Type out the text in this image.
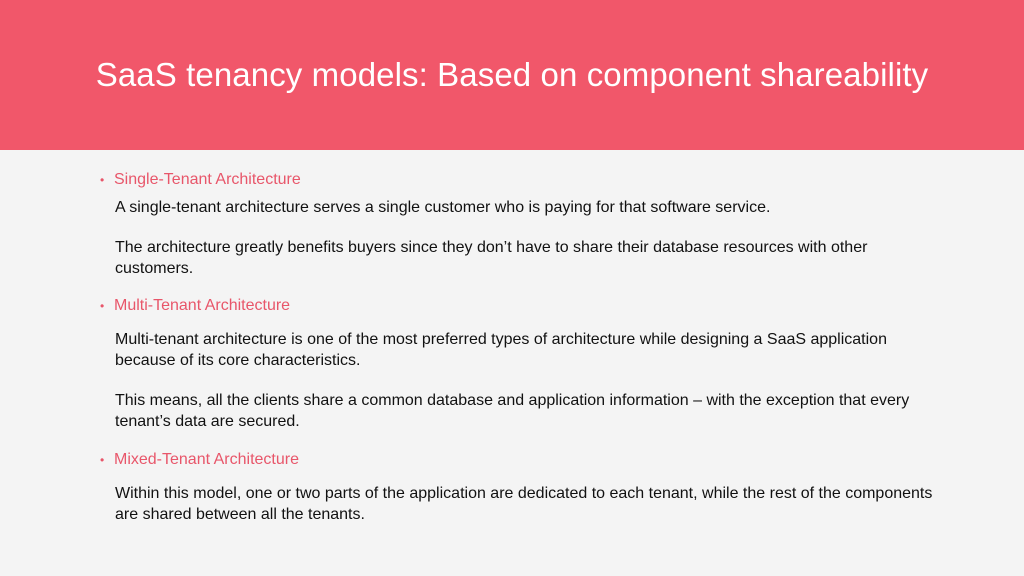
SaaS tenancy models: Based on component shareability
• Single-Tenant Architecture

A single-tenant architecture serves a single customer who is paying for that software service.

The architecture greatly benefits buyers since they don’t have to share their database resources with other customers.

• Multi-Tenant Architecture

Multi-tenant architecture is one of the most preferred types of architecture while designing a SaaS application because of its core characteristics.

This means, all the clients share a common database and application information – with the exception that every tenant’s data are secured.

• Mixed-Tenant Architecture

Within this model, one or two parts of the application are dedicated to each tenant, while the rest of the components are shared between all the tenants.
